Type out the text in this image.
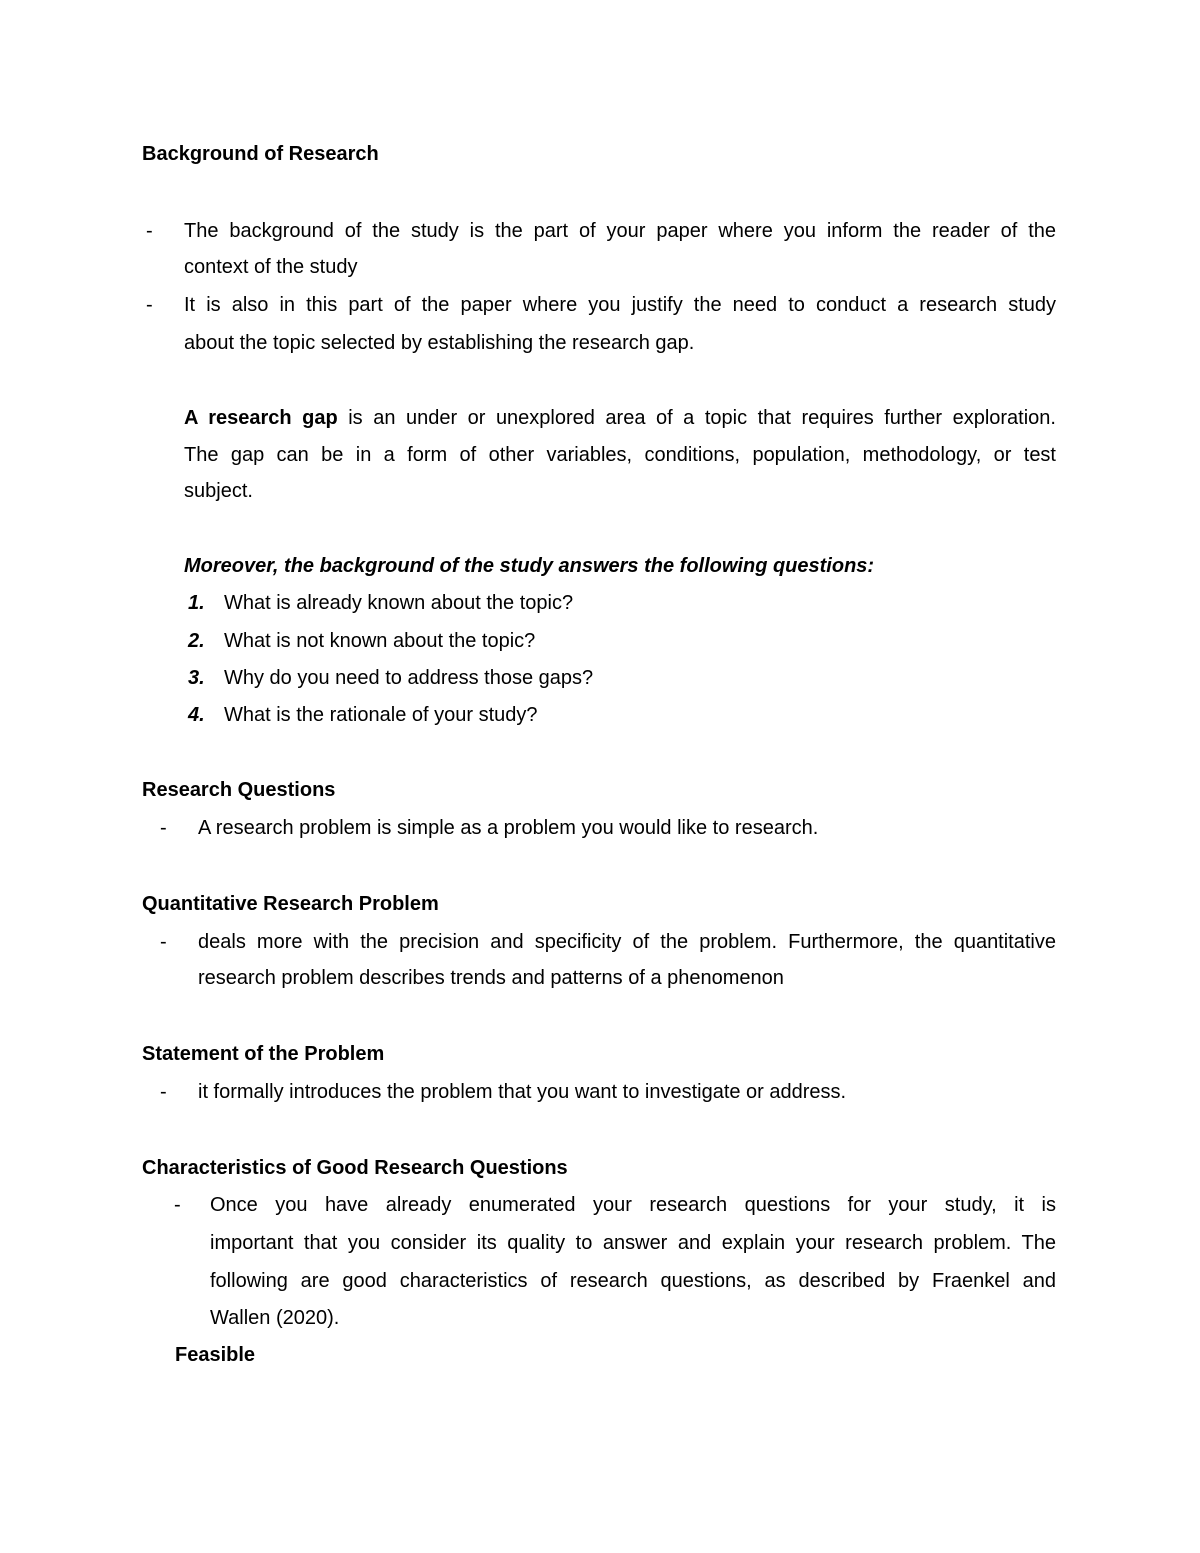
Background of Research
- The background of the study is the part of your paper where you inform the reader of the
context of the study
- It is also in this part of the paper where you justify the need to conduct a research study
about the topic selected by establishing the research gap.
A research gap is an under or unexplored area of a topic that requires further exploration.
The gap can be in a form of other variables, conditions, population, methodology, or test
subject.
Moreover, the background of the study answers the following questions:
1. What is already known about the topic?
2. What is not known about the topic?
3. Why do you need to address those gaps?
4. What is the rationale of your study?
Research Questions
- A research problem is simple as a problem you would like to research.
Quantitative Research Problem
- deals more with the precision and specificity of the problem. Furthermore, the quantitative
research problem describes trends and patterns of a phenomenon
Statement of the Problem
- it formally introduces the problem that you want to investigate or address.
Characteristics of Good Research Questions
- Once you have already enumerated your research questions for your study, it is
important that you consider its quality to answer and explain your research problem. The
following are good characteristics of research questions, as described by Fraenkel and
Wallen (2020).
Feasible
